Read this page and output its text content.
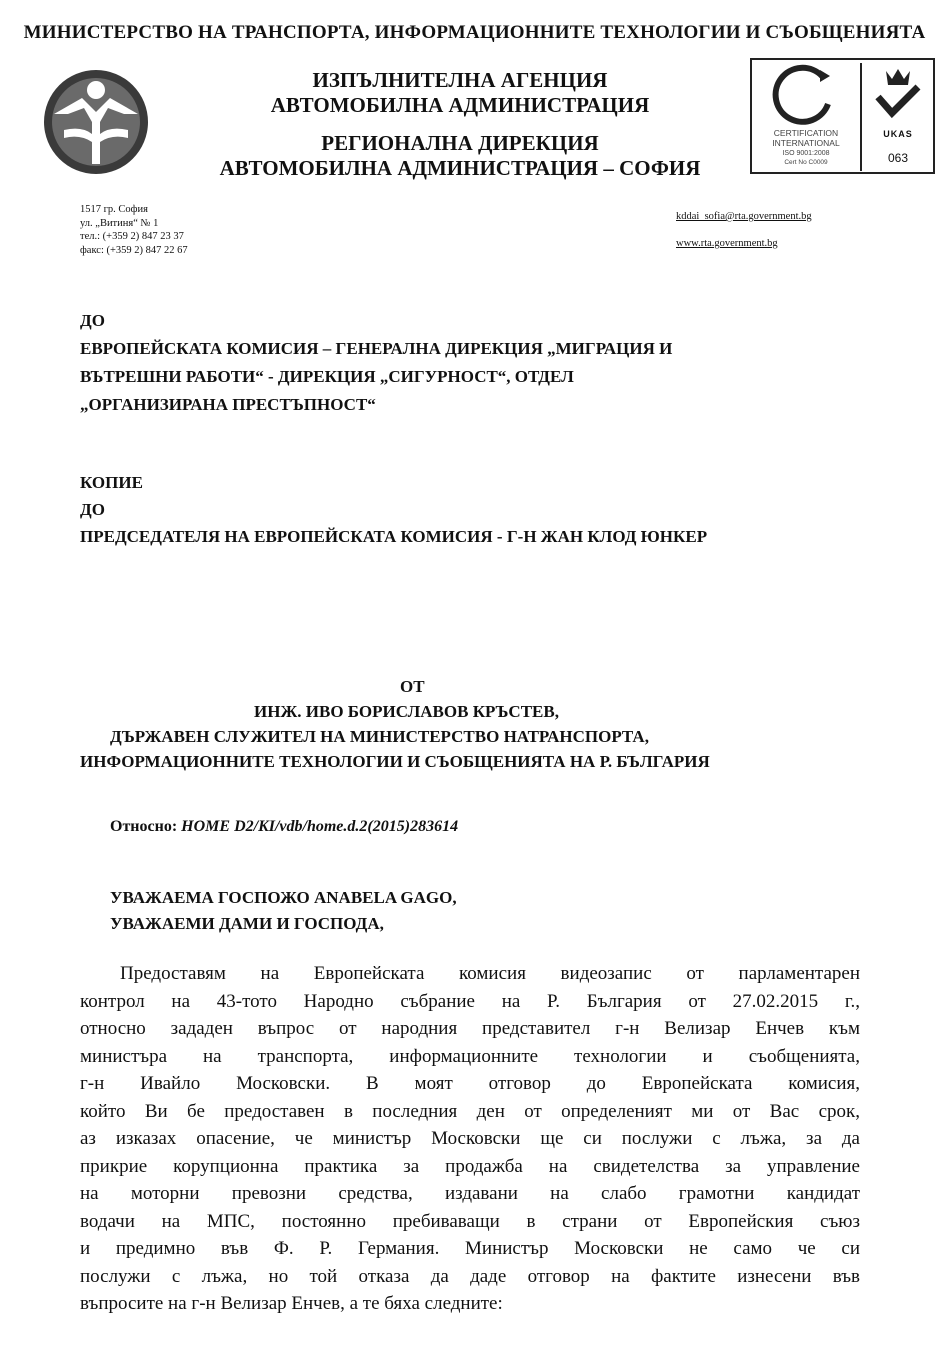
МИНИСТЕРСТВО НА ТРАНСПОРТА, ИНФОРМАЦИОННИТЕ ТЕХНОЛОГИИ И СЪОБЩЕНИЯТА
ИЗПЪЛНИТЕЛНА АГЕНЦИЯ
АВТОМОБИЛНА АДМИНИСТРАЦИЯ
РЕГИОНАЛНА ДИРЕКЦИЯ
АВТОМОБИЛНА АДМИНИСТРАЦИЯ – СОФИЯ
CERTIFICATION
INTERNATIONAL
ISO 9001:2008
Cert No C0009
UKAS
063
1517 гр. София
ул. „Витиня“ № 1
тел.: (+359 2) 847 23 37
факс: (+359 2) 847 22 67
kddai_sofia@rta.government.bg
www.rta.government.bg
ДО
ЕВРОПЕЙСКАТА КОМИСИЯ – ГЕНЕРАЛНА ДИРЕКЦИЯ „МИГРАЦИЯ И
ВЪТРЕШНИ РАБОТИ“ - ДИРЕКЦИЯ „СИГУРНОСТ“, ОТДЕЛ
„ОРГАНИЗИРАНА ПРЕСТЪПНОСТ“
КОПИЕ
ДО
ПРЕДСЕДАТЕЛЯ НА ЕВРОПЕЙСКАТА КОМИСИЯ - Г-Н ЖАН КЛОД ЮНКЕР
ОТ
ИНЖ. ИВО БОРИСЛАВОВ КРЪСТЕВ,
ДЪРЖАВЕН СЛУЖИТЕЛ НА МИНИСТЕРСТВО НАТРАНСПОРТА,
ИНФОРМАЦИОННИТЕ ТЕХНОЛОГИИ И СЪОБЩЕНИЯТА НА Р. БЪЛГАРИЯ
Относно: HOME D2/KI/vdb/home.d.2(2015)283614
УВАЖАЕМА ГОСПОЖО ANABELA GAGO,
УВАЖАЕМИ ДАМИ И ГОСПОДА,
Предоставям на Европейската комисия видеозапис от парламентарен
контрол на 43-тото Народно събрание на Р. България от 27.02.2015 г.,
относно зададен въпрос от народния представител г-н Велизар Енчев към
министъра на транспорта, информационните технологии и съобщенията,
г-н Ивайло Московски. В моят отговор до Европейската комисия,
който Ви бе предоставен в последния ден от определеният ми от Вас срок,
аз изказах опасение, че министър Московски ще си послужи с лъжа, за да
прикрие корупционна практика за продажба на свидетелства за управление
на моторни превозни средства, издавани на слабо грамотни кандидат
водачи на МПС, постоянно пребиваващи в страни от Европейския съюз
и предимно във Ф. Р. Германия. Министър Московски не само че си
послужи с лъжа, но той отказа да даде отговор на фактите изнесени във
въпросите на г-н Велизар Енчев, а те бяха следните:
